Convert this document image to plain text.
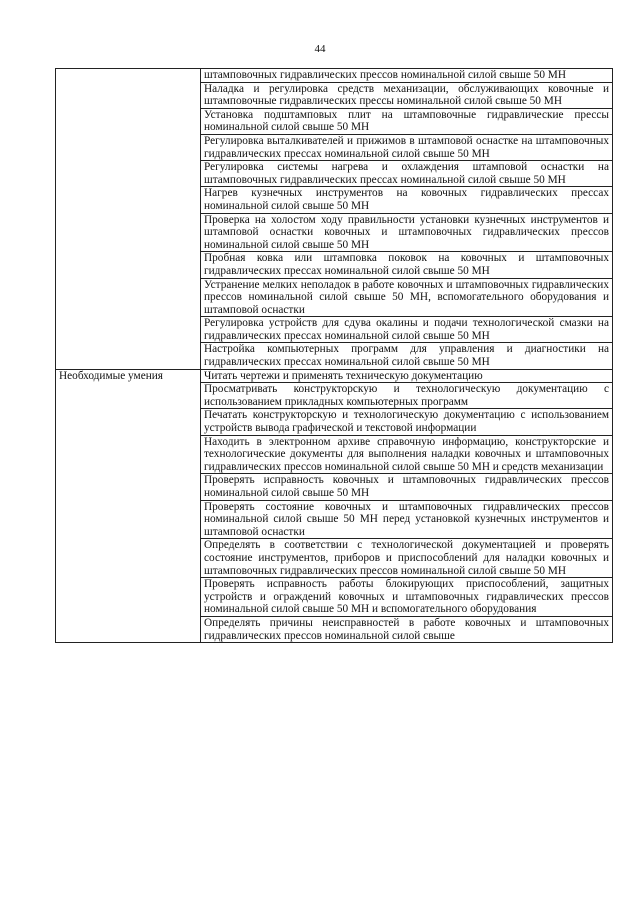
44
	штамповочных гидравлических прессов номинальной силой свыше 50 МН
	Наладка и регулировка средств механизации, обслуживающих ковочные и штамповочные гидравлических прессы номинальной силой свыше 50 МН
	Установка подштамповых плит на штамповочные гидравлические прессы номинальной силой свыше 50 МН
	Регулировка выталкивателей и прижимов в штамповой оснастке на штамповочных гидравлических прессах номинальной силой свыше 50 МН
	Регулировка системы нагрева и охлаждения штамповой оснастки на штамповочных гидравлических прессах номинальной силой свыше 50 МН
	Нагрев кузнечных инструментов на ковочных гидравлических прессах номинальной силой свыше 50 МН
	Проверка на холостом ходу правильности установки кузнечных инструментов и штамповой оснастки ковочных и штамповочных гидравлических прессов номинальной силой свыше 50 МН
	Пробная ковка или штамповка поковок на ковочных и штамповочных гидравлических прессах номинальной силой свыше 50 МН
	Устранение мелких неполадок в работе ковочных и штамповочных гидравлических прессов номинальной силой свыше 50 МН, вспомогательного оборудования и штамповой оснастки
	Регулировка устройств для сдува окалины и подачи технологической смазки на гидравлических прессах номинальной силой свыше 50 МН
	Настройка компьютерных программ для управления и диагностики на гидравлических прессах номинальной силой свыше 50 МН
Необходимые умения	Читать чертежи и применять техническую документацию
	Просматривать конструкторскую и технологическую документацию с использованием прикладных компьютерных программ
	Печатать конструкторскую и технологическую документацию с использованием устройств вывода графической и текстовой информации
	Находить в электронном архиве справочную информацию, конструкторские и технологические документы для выполнения наладки ковочных и штамповочных гидравлических прессов номинальной силой свыше 50 МН и средств механизации
	Проверять исправность ковочных и штамповочных гидравлических прессов номинальной силой свыше 50 МН
	Проверять состояние ковочных и штамповочных гидравлических прессов номинальной силой свыше 50 МН перед установкой кузнечных инструментов и штамповой оснастки
	Определять в соответствии с технологической документацией и проверять состояние инструментов, приборов и приспособлений для наладки ковочных и штамповочных гидравлических прессов номинальной силой свыше 50 МН
	Проверять исправность работы блокирующих приспособлений, защитных устройств и ограждений ковочных и штамповочных гидравлических прессов номинальной силой свыше 50 МН и вспомогательного оборудования
	Определять причины неисправностей в работе ковочных и штамповочных гидравлических прессов номинальной силой свыше
